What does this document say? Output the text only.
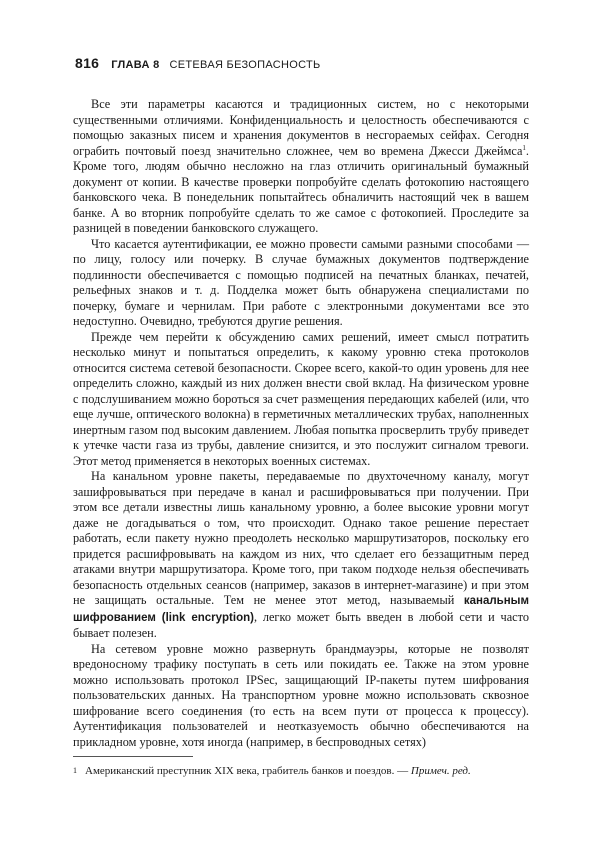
816 ГЛАВА 8 СЕТЕВАЯ БЕЗОПАСНОСТЬ

Все эти параметры касаются и традиционных систем, но с некоторыми существенными отличиями. Конфиденциальность и целостность обеспечиваются с помощью заказных писем и хранения документов в несгораемых сейфах. Сегодня ограбить почтовый поезд значительно сложнее, чем во времена Джесси Джеймса$^1$. Кроме того, людям обычно несложно на глаз отличить оригинальный бумажный документ от копии. В качестве проверки попробуйте сделать фотокопию настоящего банковского чека. В понедельник попытайтесь обналичить настоящий чек в вашем банке. А во вторник попробуйте сделать то же самое с фотокопией. Проследите за разницей в поведении банковского служащего.

Что касается аутентификации, ее можно провести самыми разными способами — по лицу, голосу или почерку. В случае бумажных документов подтверждение подлинности обеспечивается с помощью подписей на печатных бланках, печатей, рельефных знаков и т. д. Подделка может быть обнаружена специалистами по почерку, бумаге и чернилам. При работе с электронными документами все это недоступно. Очевидно, требуются другие решения.

Прежде чем перейти к обсуждению самих решений, имеет смысл потратить несколько минут и попытаться определить, к какому уровню стека протоколов относится система сетевой безопасности. Скорее всего, какой-то один уровень для нее определить сложно, каждый из них должен внести свой вклад. На физическом уровне с подслушиванием можно бороться за счет размещения передающих кабелей (или, что еще лучше, оптического волокна) в герметичных металлических трубах, наполненных инертным газом под высоким давлением. Любая попытка просверлить трубу приведет к утечке части газа из трубы, давление снизится, и это послужит сигналом тревоги. Этот метод применяется в некоторых военных системах.

На канальном уровне пакеты, передаваемые по двухточечному каналу, могут зашифровываться при передаче в канал и расшифровываться при получении. При этом все детали известны лишь канальному уровню, а более высокие уровни могут даже не догадываться о том, что происходит. Однако такое решение перестает работать, если пакету нужно преодолеть несколько маршрутизаторов, поскольку его придется расшифровывать на каждом из них, что сделает его беззащитным перед атаками внутри маршрутизатора. Кроме того, при таком подходе нельзя обеспечивать безопасность отдельных сеансов (например, заказов в интернет-магазине) и при этом не защищать остальные. Тем не менее этот метод, называемый канальным шифрованием (link encryption), легко может быть введен в любой сети и часто бывает полезен.

На сетевом уровне можно развернуть брандмауэры, которые не позволят вредоносному трафику поступать в сеть или покидать ее. Также на этом уровне можно использовать протокол IPSec, защищающий IP-пакеты путем шифрования пользовательских данных. На транспортном уровне можно использовать сквозное шифрование всего соединения (то есть на всем пути от процесса к процессу). Аутентификация пользователей и неотказуемость обычно обеспечиваются на прикладном уровне, хотя иногда (например, в беспроводных сетях)

$^1$ Американский преступник XIX века, грабитель банков и поездов. — Примеч. ред.
